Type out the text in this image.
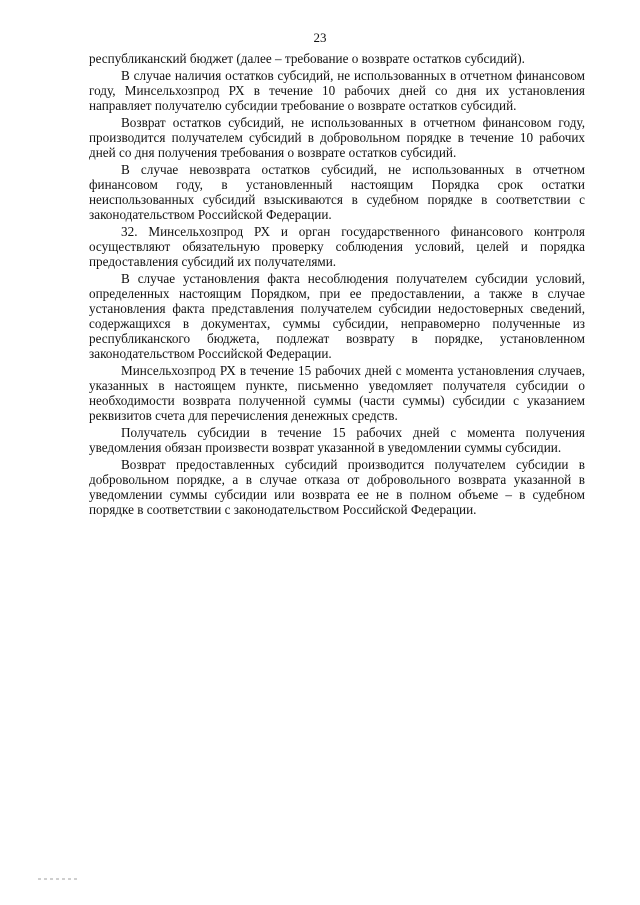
23

республиканский бюджет (далее – требование о возврате остатков субсидий).

В случае наличия остатков субсидий, не использованных в отчетном финансовом году, Минсельхозпрод РХ в течение 10 рабочих дней со дня их установления направляет получателю субсидии требование о возврате остатков субсидий.

Возврат остатков субсидий, не использованных в отчетном финансовом году, производится получателем субсидий в добровольном порядке в течение 10 рабочих дней со дня получения требования о возврате остатков субсидий.

В случае невозврата остатков субсидий, не использованных в отчетном финансовом году, в установленный настоящим Порядка срок остатки неиспользованных субсидий взыскиваются в судебном порядке в соответствии с законодательством Российской Федерации.

32. Минсельхозпрод РХ и орган государственного финансового контроля осуществляют обязательную проверку соблюдения условий, целей и порядка предоставления субсидий их получателями.

В случае установления факта несоблюдения получателем субсидии условий, определенных настоящим Порядком, при ее предоставлении, а также в случае установления факта представления получателем субсидии недостоверных сведений, содержащихся в документах, суммы субсидии, неправомерно полученные из республиканского бюджета, подлежат возврату в порядке, установленном законодательством Российской Федерации.

Минсельхозпрод РХ в течение 15 рабочих дней с момента установления случаев, указанных в настоящем пункте, письменно уведомляет получателя субсидии о необходимости возврата полученной суммы (части суммы) субсидии с указанием реквизитов счета для перечисления денежных средств.

Получатель субсидии в течение 15 рабочих дней с момента получения уведомления обязан произвести возврат указанной в уведомлении суммы субсидии.

Возврат предоставленных субсидий производится получателем субсидии в добровольном порядке, а в случае отказа от добровольного возврата указанной в уведомлении суммы субсидии или возврата ее не в полном объеме – в судебном порядке в соответствии с законодательством Российской Федерации.
